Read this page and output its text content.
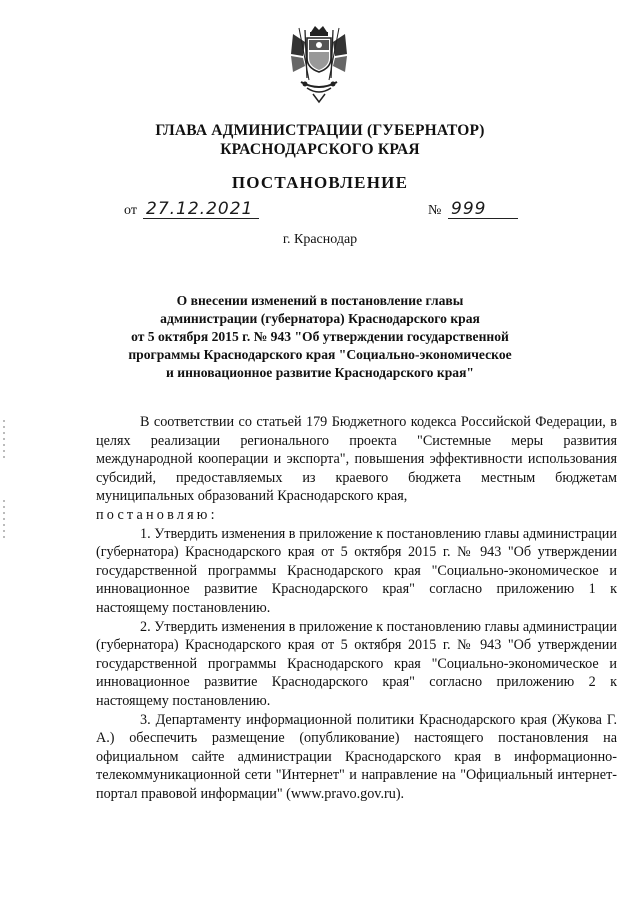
ГЛАВА АДМИНИСТРАЦИИ (ГУБЕРНАТОР)
КРАСНОДАРСКОГО КРАЯ
ПОСТАНОВЛЕНИЕ
от 27.12.2021	№ 999
г. Краснодар
О внесении изменений в постановление главы
администрации (губернатора) Краснодарского края
от 5 октября 2015 г. № 943 "Об утверждении государственной
программы Краснодарского края "Социально-экономическое
и инновационное развитие Краснодарского края"

В соответствии со статьей 179 Бюджетного кодекса Российской Федерации, в целях реализации регионального проекта "Системные меры развития международной кооперации и экспорта", повышения эффективности использования субсидий, предоставляемых из краевого бюджета местным бюджетам муниципальных образований Краснодарского края,

постановляю:

1. Утвердить изменения в приложение к постановлению главы администрации (губернатора) Краснодарского края от 5 октября 2015 г. № 943 "Об утверждении государственной программы Краснодарского края "Социально-экономическое и инновационное развитие Краснодарского края" согласно приложению 1 к настоящему постановлению.

2. Утвердить изменения в приложение к постановлению главы администрации (губернатора) Краснодарского края от 5 октября 2015 г. № 943 "Об утверждении государственной программы Краснодарского края "Социально-экономическое и инновационное развитие Краснодарского края" согласно приложению 2 к настоящему постановлению.

3. Департаменту информационной политики Краснодарского края (Жукова Г. А.) обеспечить размещение (опубликование) настоящего постановления на официальном сайте администрации Краснодарского края в информационно-телекоммуникационной сети "Интернет" и направление на "Официальный интернет-портал правовой информации" (www.pravo.gov.ru).
